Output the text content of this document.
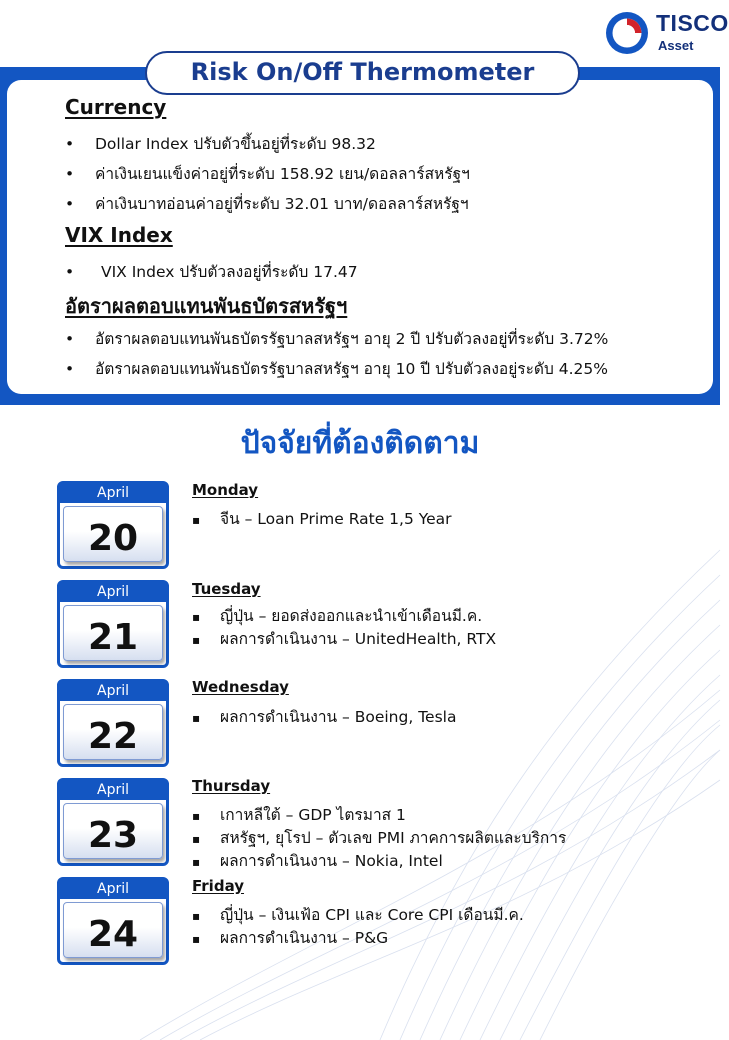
TISCO
Asset
Risk On/Off Thermometer
Currency
• Dollar Index ปรับตัวขึ้นอยู่ที่ระดับ 98.32
• ค่าเงินเยนแข็งค่าอยู่ที่ระดับ 158.92 เยน/ดอลลาร์สหรัฐฯ
• ค่าเงินบาทอ่อนค่าอยู่ที่ระดับ 32.01 บาท/ดอลลาร์สหรัฐฯ
VIX Index
• VIX Index ปรับตัวลงอยู่ที่ระดับ 17.47
อัตราผลตอบแทนพันธบัตรสหรัฐฯ
• อัตราผลตอบแทนพันธบัตรรัฐบาลสหรัฐฯ อายุ 2 ปี ปรับตัวลงอยู่ที่ระดับ 3.72%
• อัตราผลตอบแทนพันธบัตรรัฐบาลสหรัฐฯ อายุ 10 ปี ปรับตัวลงอยู่ระดับ 4.25%
ปัจจัยที่ต้องติดตาม
April
20
Monday
▪ จีน – Loan Prime Rate 1,5 Year
April
21
Tuesday
▪ ญี่ปุ่น – ยอดส่งออกและนำเข้าเดือนมี.ค.
▪ ผลการดำเนินงาน – UnitedHealth, RTX
April
22
Wednesday
▪ ผลการดำเนินงาน – Boeing, Tesla
April
23
Thursday
▪ เกาหลีใต้ – GDP ไตรมาส 1
▪ สหรัฐฯ, ยุโรป – ตัวเลข PMI ภาคการผลิตและบริการ
▪ ผลการดำเนินงาน – Nokia, Intel
April
24
Friday
▪ ญี่ปุ่น – เงินเฟ้อ CPI และ Core CPI เดือนมี.ค.
▪ ผลการดำเนินงาน – P&G
